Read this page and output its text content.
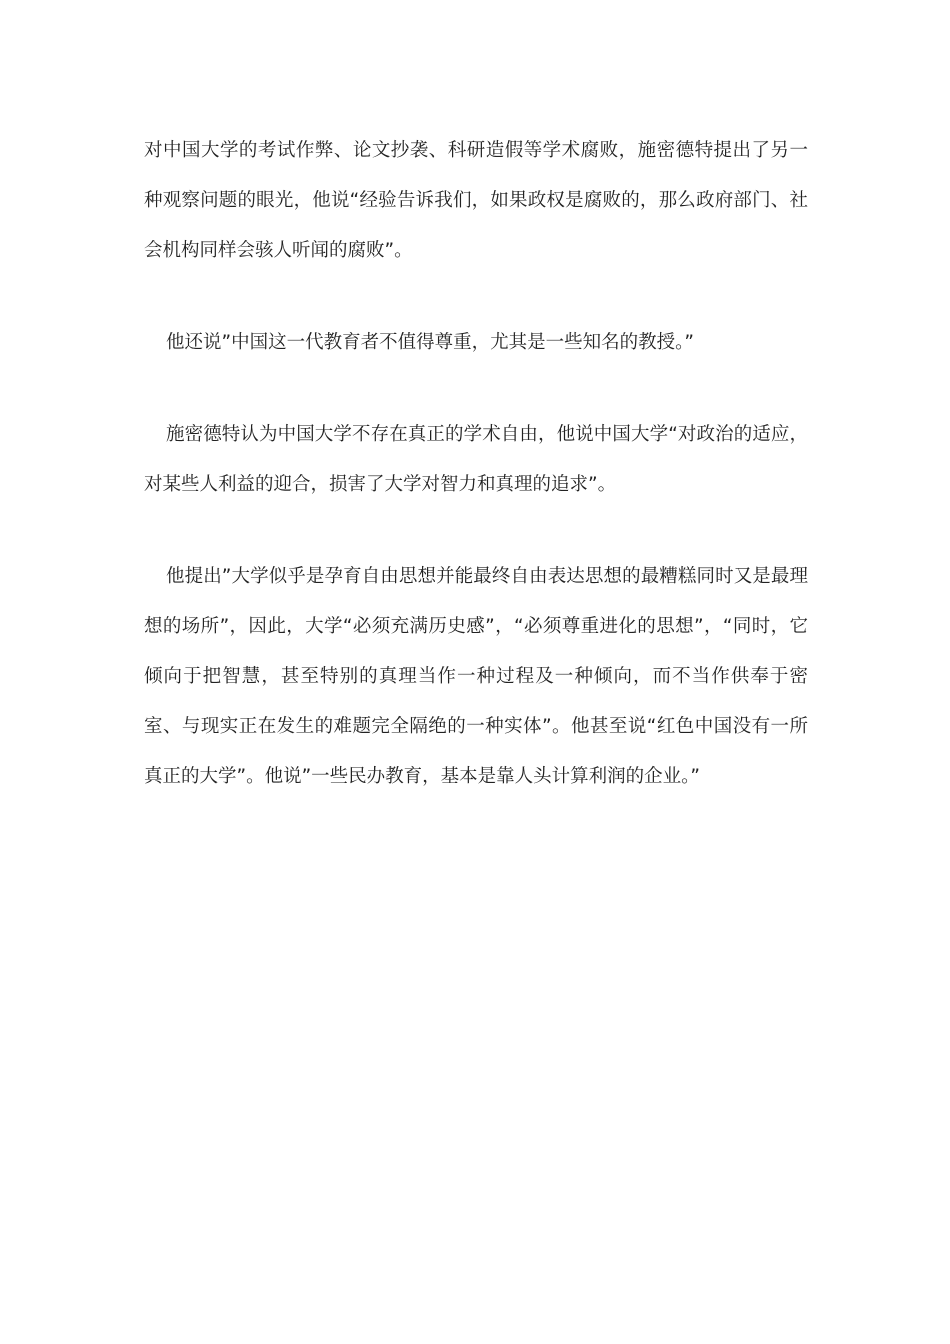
对中国大学的考试作弊、论文抄袭、科研造假等学术腐败，施密德特提出了另一种观察问题的眼光，他说“经验告诉我们，如果政权是腐败的，那么政府部门、社会机构同样会骇人听闻的腐败”。

他还说”中国这一代教育者不值得尊重，尤其是一些知名的教授。”

施密德特认为中国大学不存在真正的学术自由，他说中国大学“对政治的适应，对某些人利益的迎合，损害了大学对智力和真理的追求”。

他提出”大学似乎是孕育自由思想并能最终自由表达思想的最糟糕同时又是最理想的场所”，因此，大学“必须充满历史感”，“必须尊重进化的思想”，“同时，它倾向于把智慧，甚至特别的真理当作一种过程及一种倾向，而不当作供奉于密室、与现实正在发生的难题完全隔绝的一种实体”。他甚至说“红色中国没有一所真正的大学”。他说”一些民办教育，基本是靠人头计算利润的企业。”
